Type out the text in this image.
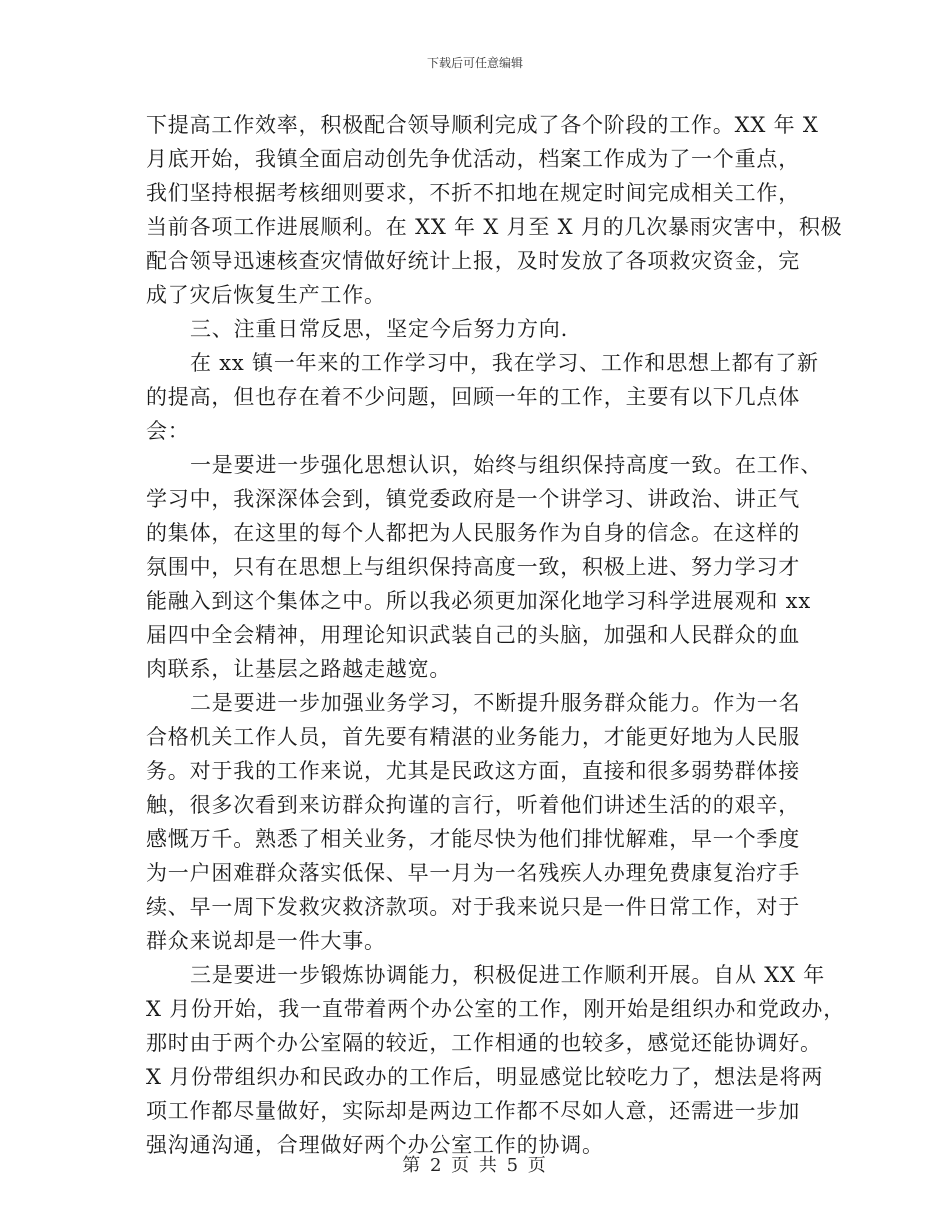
下载后可任意编辑
下提高工作效率，积极配合领导顺利完成了各个阶段的工作。XX 年 X
月底开始，我镇全面启动创先争优活动，档案工作成为了一个重点，
我们坚持根据考核细则要求，不折不扣地在规定时间完成相关工作，
当前各项工作进展顺利。在 XX 年 X 月至 X 月的几次暴雨灾害中，积极
配合领导迅速核查灾情做好统计上报，及时发放了各项救灾资金，完
成了灾后恢复生产工作。
三、注重日常反思，坚定今后努力方向.
在 xx 镇一年来的工作学习中，我在学习、工作和思想上都有了新
的提高，但也存在着不少问题，回顾一年的工作，主要有以下几点体
会：
一是要进一步强化思想认识，始终与组织保持高度一致。在工作、
学习中，我深深体会到，镇党委政府是一个讲学习、讲政治、讲正气
的集体，在这里的每个人都把为人民服务作为自身的信念。在这样的
氛围中，只有在思想上与组织保持高度一致，积极上进、努力学习才
能融入到这个集体之中。所以我必须更加深化地学习科学进展观和 xx
届四中全会精神，用理论知识武装自己的头脑，加强和人民群众的血
肉联系，让基层之路越走越宽。
二是要进一步加强业务学习，不断提升服务群众能力。作为一名
合格机关工作人员，首先要有精湛的业务能力，才能更好地为人民服
务。对于我的工作来说，尤其是民政这方面，直接和很多弱势群体接
触，很多次看到来访群众拘谨的言行，听着他们讲述生活的的艰辛，
感慨万千。熟悉了相关业务，才能尽快为他们排忧解难，早一个季度
为一户困难群众落实低保、早一月为一名残疾人办理免费康复治疗手
续、早一周下发救灾救济款项。对于我来说只是一件日常工作，对于
群众来说却是一件大事。
三是要进一步锻炼协调能力，积极促进工作顺利开展。自从 XX 年
X 月份开始，我一直带着两个办公室的工作，刚开始是组织办和党政办，
那时由于两个办公室隔的较近，工作相通的也较多，感觉还能协调好。
X 月份带组织办和民政办的工作后，明显感觉比较吃力了，想法是将两
项工作都尽量做好，实际却是两边工作都不尽如人意，还需进一步加
强沟通沟通，合理做好两个办公室工作的协调。
第 2 页 共 5 页
